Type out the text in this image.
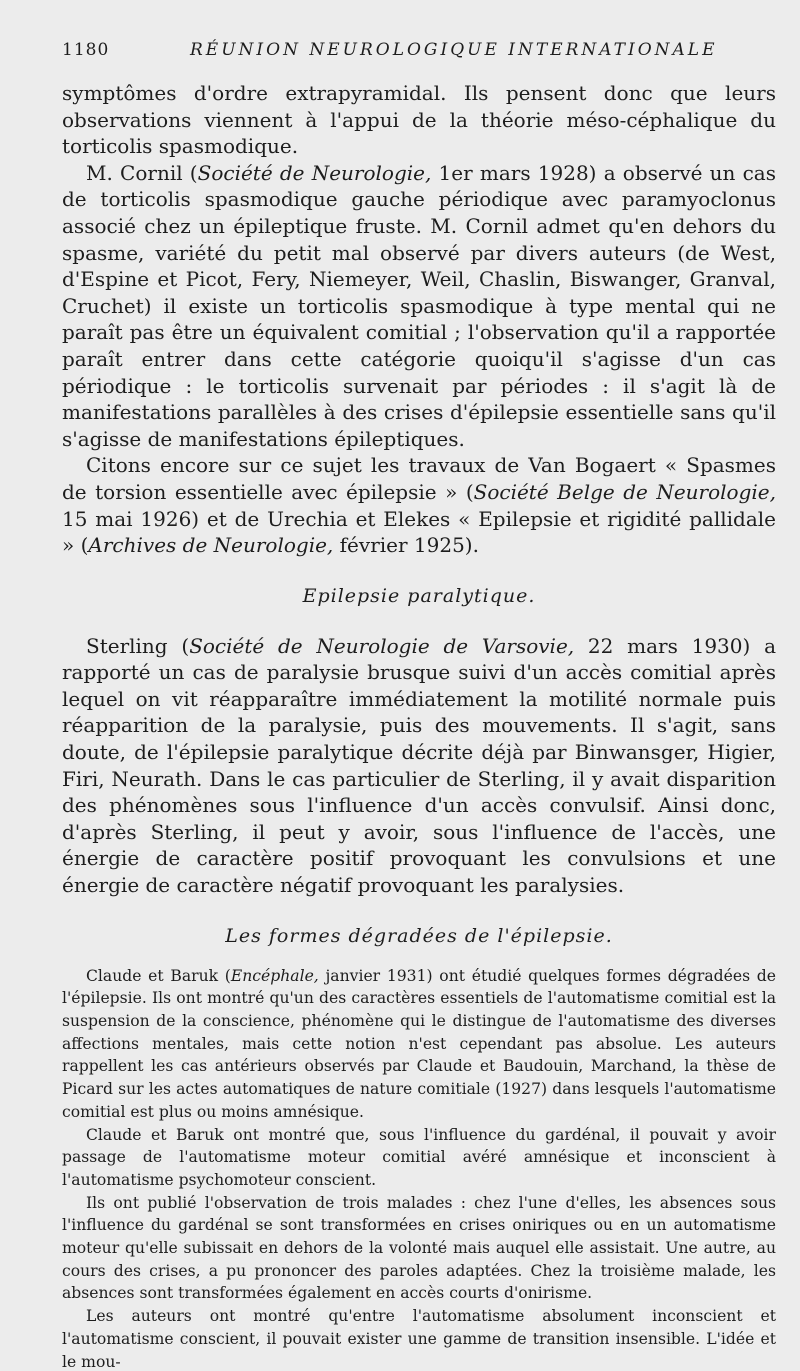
1180	RÉUNION NEUROLOGIQUE INTERNATIONALE

symptômes d'ordre extrapyramidal. Ils pensent donc que leurs observations viennent à l'appui de la théorie méso-céphalique du torticolis spasmodique.

M. Cornil (Société de Neurologie, 1er mars 1928) a observé un cas de torticolis spasmodique gauche périodique avec paramyoclonus associé chez un épileptique fruste. M. Cornil admet qu'en dehors du spasme, variété du petit mal observé par divers auteurs (de West, d'Espine et Picot, Fery, Niemeyer, Weil, Chaslin, Biswanger, Granval, Cruchet) il existe un torticolis spasmodique à type mental qui ne paraît pas être un équivalent comitial ; l'observation qu'il a rapportée paraît entrer dans cette catégorie quoiqu'il s'agisse d'un cas périodique : le torticolis survenait par périodes : il s'agit là de manifestations parallèles à des crises d'épilepsie essentielle sans qu'il s'agisse de manifestations épileptiques.

Citons encore sur ce sujet les travaux de Van Bogaert « Spasmes de torsion essentielle avec épilepsie » (Société Belge de Neurologie, 15 mai 1926) et de Urechia et Elekes « Epilepsie et rigidité pallidale » (Archives de Neurologie, février 1925).

Epilepsie paralytique.

Sterling (Société de Neurologie de Varsovie, 22 mars 1930) a rapporté un cas de paralysie brusque suivi d'un accès comitial après lequel on vit réapparaître immédiatement la motilité normale puis réapparition de la paralysie, puis des mouvements. Il s'agit, sans doute, de l'épilepsie paralytique décrite déjà par Binwansger, Higier, Firi, Neurath. Dans le cas particulier de Sterling, il y avait disparition des phénomènes sous l'influence d'un accès convulsif. Ainsi donc, d'après Sterling, il peut y avoir, sous l'influence de l'accès, une énergie de caractère positif provoquant les convulsions et une énergie de caractère négatif provoquant les paralysies.

Les formes dégradées de l'épilepsie.

Claude et Baruk (Encéphale, janvier 1931) ont étudié quelques formes dégradées de l'épilepsie. Ils ont montré qu'un des caractères essentiels de l'automatisme comitial est la suspension de la conscience, phénomène qui le distingue de l'automatisme des diverses affections mentales, mais cette notion n'est cependant pas absolue. Les auteurs rappellent les cas antérieurs observés par Claude et Baudouin, Marchand, la thèse de Picard sur les actes automatiques de nature comitiale (1927) dans lesquels l'automatisme comitial est plus ou moins amnésique.

Claude et Baruk ont montré que, sous l'influence du gardénal, il pouvait y avoir passage de l'automatisme moteur comitial avéré amnésique et inconscient à l'automatisme psychomoteur conscient.

Ils ont publié l'observation de trois malades : chez l'une d'elles, les absences sous l'influence du gardénal se sont transformées en crises oniriques ou en un automatisme moteur qu'elle subissait en dehors de la volonté mais auquel elle assistait. Une autre, au cours des crises, a pu prononcer des paroles adaptées. Chez la troisième malade, les absences sont transformées également en accès courts d'onirisme.

Les auteurs ont montré qu'entre l'automatisme absolument inconscient et l'automatisme conscient, il pouvait exister une gamme de transition insensible. L'idée et le mou-
